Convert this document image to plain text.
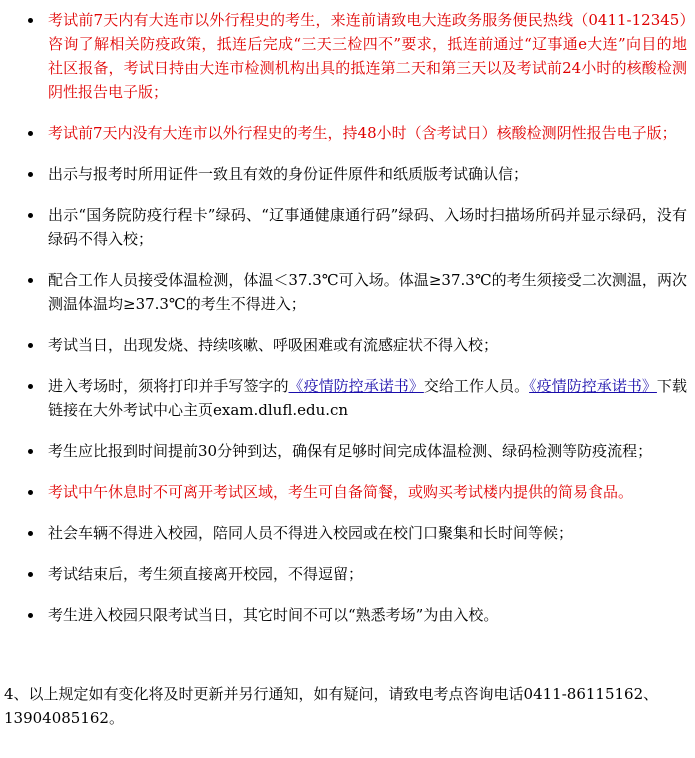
考试前7天内有大连市以外行程史的考生，来连前请致电大连政务服务便民热线（0411-12345）咨询了解相关防疫政策，抵连后完成“三天三检四不”要求，抵连前通过“辽事通e大连”向目的地社区报备，考试日持由大连市检测机构出具的抵连第二天和第三天以及考试前24小时的核酸检测阴性报告电子版；
考试前7天内没有大连市以外行程史的考生，持48小时（含考试日）核酸检测阴性报告电子版；
出示与报考时所用证件一致且有效的身份证件原件和纸质版考试确认信；
出示“国务院防疫行程卡”绿码、“辽事通健康通行码”绿码、入场时扫描场所码并显示绿码，没有绿码不得入校；
配合工作人员接受体温检测，体温＜37.3℃可入场。体温≥37.3℃的考生须接受二次测温，两次测温体温均≥37.3℃的考生不得进入；
考试当日，出现发烧、持续咳嗽、呼吸困难或有流感症状不得入校；
进入考场时，须将打印并手写签字的《疫情防控承诺书》交给工作人员。《疫情防控承诺书》下载链接在大外考试中心主页exam.dlufl.edu.cn
考生应比报到时间提前30分钟到达，确保有足够时间完成体温检测、绿码检测等防疫流程；
考试中午休息时不可离开考试区域，考生可自备简餐，或购买考试楼内提供的简易食品。
社会车辆不得进入校园，陪同人员不得进入校园或在校门口聚集和长时间等候；
考试结束后，考生须直接离开校园，不得逗留；
考生进入校园只限考试当日，其它时间不可以“熟悉考场”为由入校。

4、以上规定如有变化将及时更新并另行通知，如有疑问，请致电考点咨询电话0411-86115162、13904085162。
